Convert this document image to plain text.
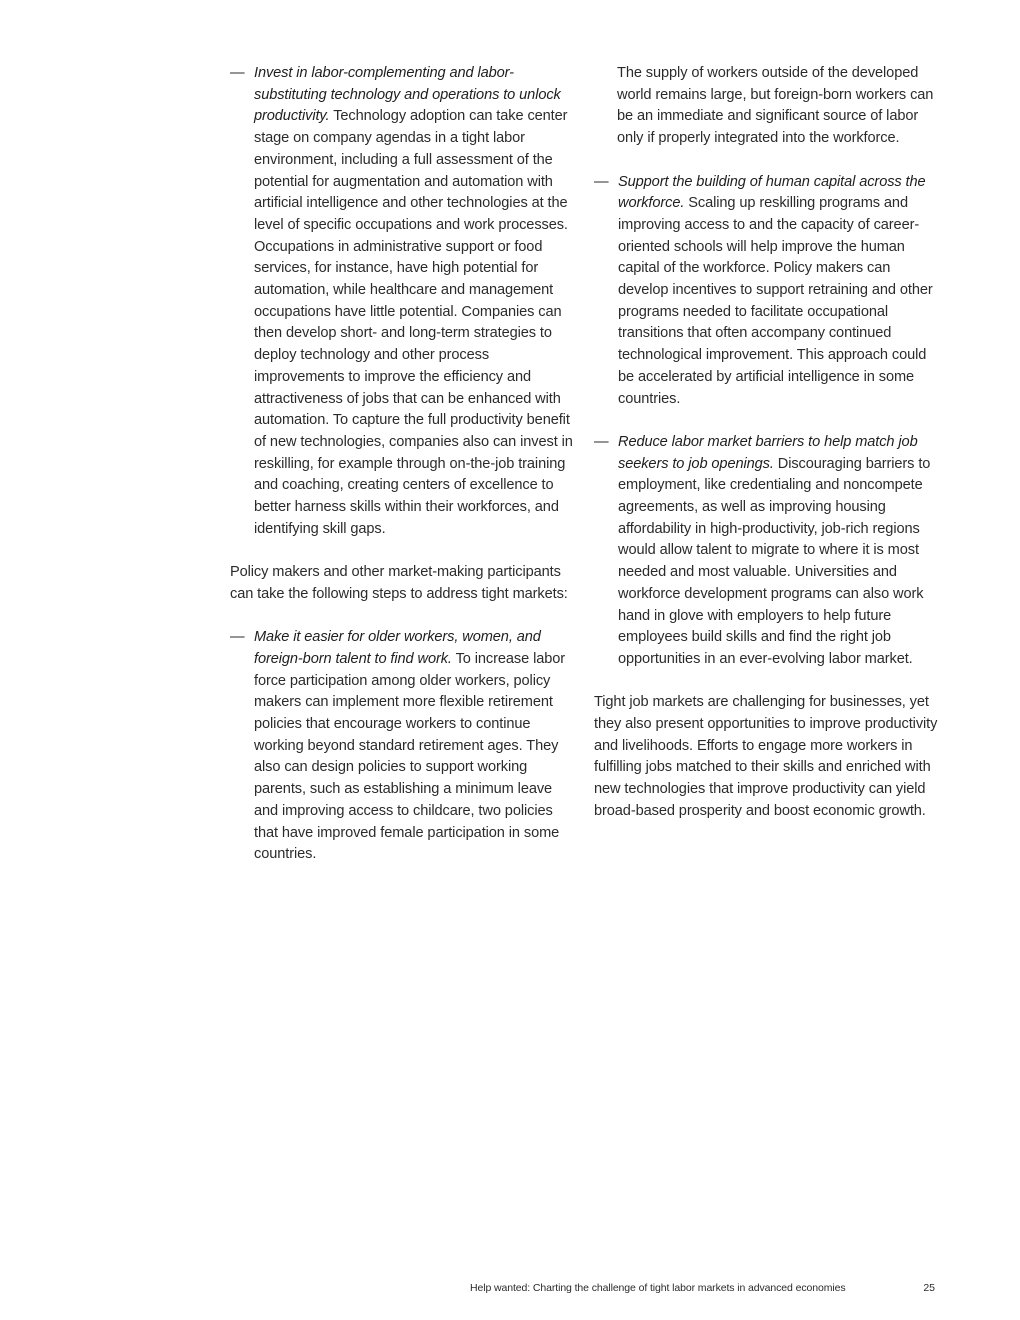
— Invest in labor-complementing and labor-substituting technology and operations to unlock productivity. Technology adoption can take center stage on company agendas in a tight labor environment, including a full assessment of the potential for augmentation and automation with artificial intelligence and other technologies at the level of specific occupations and work processes. Occupations in administrative support or food services, for instance, have high potential for automation, while healthcare and management occupations have little potential. Companies can then develop short- and long-term strategies to deploy technology and other process improvements to improve the efficiency and attractiveness of jobs that can be enhanced with automation. To capture the full productivity benefit of new technologies, companies also can invest in reskilling, for example through on-the-job training and coaching, creating centers of excellence to better harness skills within their workforces, and identifying skill gaps.

Policy makers and other market-making participants can take the following steps to address tight markets:

— Make it easier for older workers, women, and foreign-born talent to find work. To increase labor force participation among older workers, policy makers can implement more flexible retirement policies that encourage workers to continue working beyond standard retirement ages. They also can design policies to support working parents, such as establishing a minimum leave and improving access to childcare, two policies that have improved female participation in some countries.

The supply of workers outside of the developed world remains large, but foreign-born workers can be an immediate and significant source of labor only if properly integrated into the workforce.

— Support the building of human capital across the workforce. Scaling up reskilling programs and improving access to and the capacity of career-oriented schools will help improve the human capital of the workforce. Policy makers can develop incentives to support retraining and other programs needed to facilitate occupational transitions that often accompany continued technological improvement. This approach could be accelerated by artificial intelligence in some countries.

— Reduce labor market barriers to help match job seekers to job openings. Discouraging barriers to employment, like credentialing and noncompete agreements, as well as improving housing affordability in high-productivity, job-rich regions would allow talent to migrate to where it is most needed and most valuable. Universities and workforce development programs can also work hand in glove with employers to help future employees build skills and find the right job opportunities in an ever-evolving labor market.

Tight job markets are challenging for businesses, yet they also present opportunities to improve productivity and livelihoods. Efforts to engage more workers in fulfilling jobs matched to their skills and enriched with new technologies that improve productivity can yield broad-based prosperity and boost economic growth.

Help wanted: Charting the challenge of tight labor markets in advanced economies	25
